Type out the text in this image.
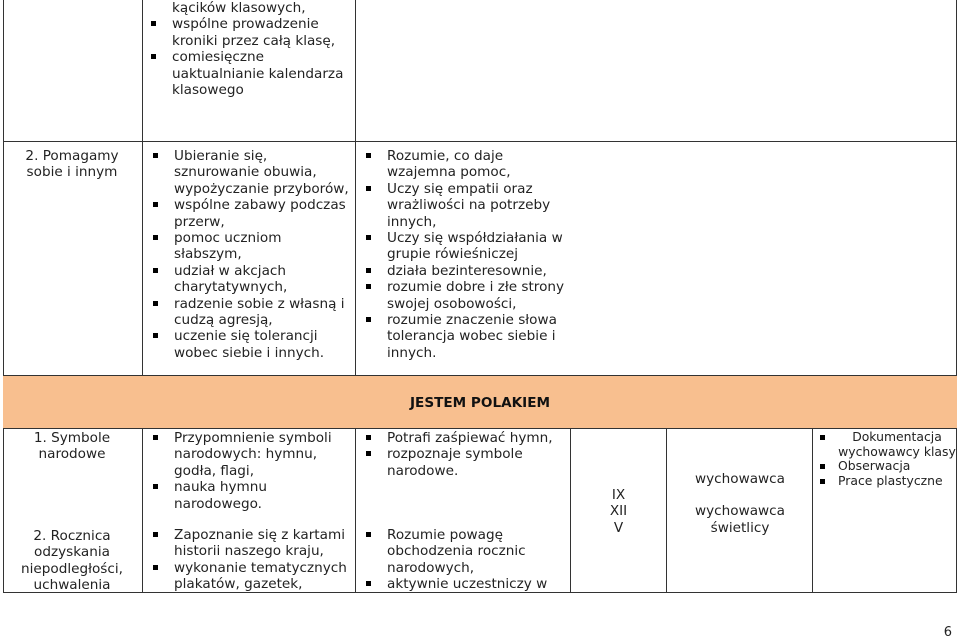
kącików klasowych,
wspólne prowadzenie kroniki przez całą klasę,
comiesięczne uaktualnianie kalendarza klasowego
2. Pomagamy sobie i innym
Ubieranie się, sznurowanie obuwia, wypożyczanie przyborów,
wspólne zabawy podczas przerw,
pomoc uczniom słabszym,
udział w akcjach charytatywnych,
radzenie sobie z własną i cudzą agresją,
uczenie się tolerancji wobec siebie i innych.
Rozumie, co daje wzajemna pomoc,
Uczy się empatii oraz wrażliwości na potrzeby innych,
Uczy się współdziałania w grupie rówieśniczej
działa bezinteresownie,
rozumie dobre i złe strony swojej osobowości,
rozumie znaczenie słowa tolerancja wobec siebie i innych.
JESTEM POLAKIEM
1. Symbole narodowe
2. Rocznica odzyskania niepodległości, uchwalenia
Przypomnienie symboli narodowych: hymnu, godła, flagi,
nauka hymnu narodowego.
Zapoznanie się z kartami historii naszego kraju,
wykonanie tematycznych plakatów, gazetek,
Potrafi zaśpiewać hymn,
rozpoznaje symbole narodowe.
Rozumie powagę obchodzenia rocznic narodowych,
aktywnie uczestniczy w
IX
XII
V
wychowawca
wychowawca świetlicy
Dokumentacja wychowawcy klasy
Obserwacja
Prace plastyczne
6
